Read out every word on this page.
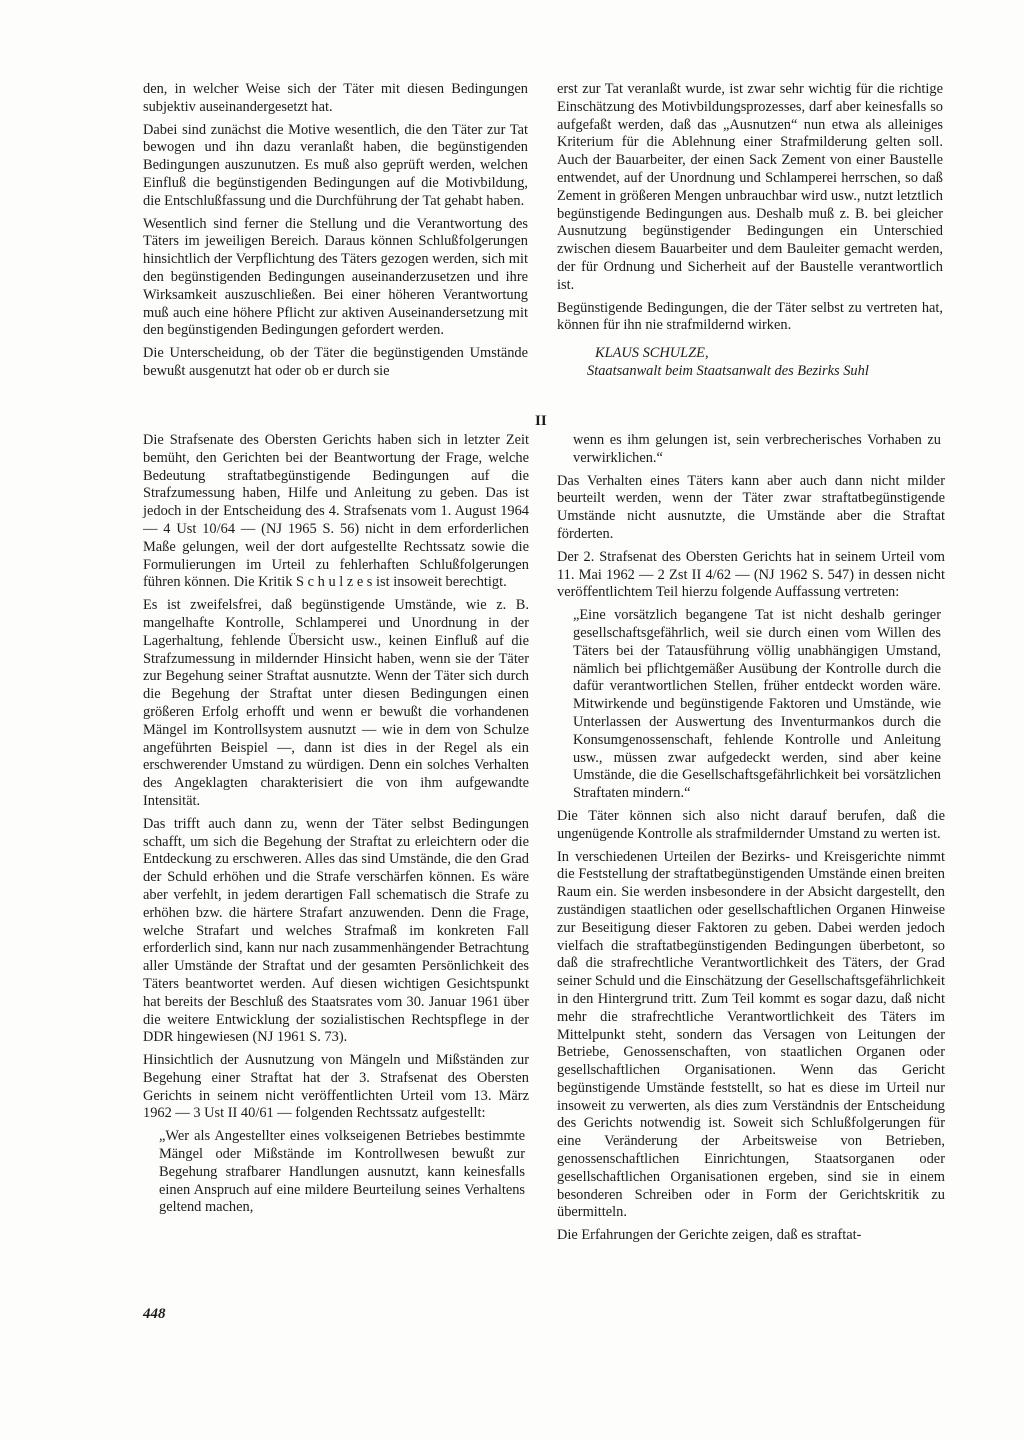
den, in welcher Weise sich der Täter mit diesen Bedingungen subjektiv auseinandergesetzt hat.

Dabei sind zunächst die Motive wesentlich, die den Täter zur Tat bewogen und ihn dazu veranlaßt haben, die begünstigenden Bedingungen auszunutzen. Es muß also geprüft werden, welchen Einfluß die begünstigenden Bedingungen auf die Motivbildung, die Entschlußfassung und die Durchführung der Tat gehabt haben.

Wesentlich sind ferner die Stellung und die Verantwortung des Täters im jeweiligen Bereich. Daraus können Schlußfolgerungen hinsichtlich der Verpflichtung des Täters gezogen werden, sich mit den begünstigenden Bedingungen auseinanderzusetzen und ihre Wirksamkeit auszuschließen. Bei einer höheren Verantwortung muß auch eine höhere Pflicht zur aktiven Auseinandersetzung mit den begünstigenden Bedingungen gefordert werden.

Die Unterscheidung, ob der Täter die begünstigenden Umstände bewußt ausgenutzt hat oder ob er durch sie

erst zur Tat veranlaßt wurde, ist zwar sehr wichtig für die richtige Einschätzung des Motivbildungsprozesses, darf aber keinesfalls so aufgefaßt werden, daß das „Ausnutzen“ nun etwa als alleiniges Kriterium für die Ablehnung einer Strafmilderung gelten soll. Auch der Bauarbeiter, der einen Sack Zement von einer Baustelle entwendet, auf der Unordnung und Schlamperei herrschen, so daß Zement in größeren Mengen unbrauchbar wird usw., nutzt letztlich begünstigende Bedingungen aus. Deshalb muß z. B. bei gleicher Ausnutzung begünstigender Bedingungen ein Unterschied zwischen diesem Bauarbeiter und dem Bauleiter gemacht werden, der für Ordnung und Sicherheit auf der Baustelle verantwortlich ist.

Begünstigende Bedingungen, die der Täter selbst zu vertreten hat, können für ihn nie strafmildernd wirken.

KLAUS SCHULZE,
Staatsanwalt beim Staatsanwalt des Bezirks Suhl
II

Die Strafsenate des Obersten Gerichts haben sich in letzter Zeit bemüht, den Gerichten bei der Beantwortung der Frage, welche Bedeutung straftatbegünstigende Bedingungen auf die Strafzumessung haben, Hilfe und Anleitung zu geben. Das ist jedoch in der Entscheidung des 4. Strafsenats vom 1. August 1964 — 4 Ust 10/64 — (NJ 1965 S. 56) nicht in dem erforderlichen Maße gelungen, weil der dort aufgestellte Rechtssatz sowie die Formulierungen im Urteil zu fehlerhaften Schlußfolgerungen führen können. Die Kritik S c h u l z e s ist insoweit berechtigt.

Es ist zweifelsfrei, daß begünstigende Umstände, wie z. B. mangelhafte Kontrolle, Schlamperei und Unordnung in der Lagerhaltung, fehlende Übersicht usw., keinen Einfluß auf die Strafzumessung in mildernder Hinsicht haben, wenn sie der Täter zur Begehung seiner Straftat ausnutzte. Wenn der Täter sich durch die Begehung der Straftat unter diesen Bedingungen einen größeren Erfolg erhofft und wenn er bewußt die vorhandenen Mängel im Kontrollsystem ausnutzt — wie in dem von Schulze angeführten Beispiel —, dann ist dies in der Regel als ein erschwerender Umstand zu würdigen. Denn ein solches Verhalten des Angeklagten charakterisiert die von ihm aufgewandte Intensität.

Das trifft auch dann zu, wenn der Täter selbst Bedingungen schafft, um sich die Begehung der Straftat zu erleichtern oder die Entdeckung zu erschweren. Alles das sind Umstände, die den Grad der Schuld erhöhen und die Strafe verschärfen können. Es wäre aber verfehlt, in jedem derartigen Fall schematisch die Strafe zu erhöhen bzw. die härtere Strafart anzuwenden. Denn die Frage, welche Strafart und welches Strafmaß im konkreten Fall erforderlich sind, kann nur nach zusammenhängender Betrachtung aller Umstände der Straftat und der gesamten Persönlichkeit des Täters beantwortet werden. Auf diesen wichtigen Gesichtspunkt hat bereits der Beschluß des Staatsrates vom 30. Januar 1961 über die weitere Entwicklung der sozialistischen Rechtspflege in der DDR hingewiesen (NJ 1961 S. 73).

Hinsichtlich der Ausnutzung von Mängeln und Mißständen zur Begehung einer Straftat hat der 3. Strafsenat des Obersten Gerichts in seinem nicht veröffentlichten Urteil vom 13. März 1962 — 3 Ust II 40/61 — folgenden Rechtssatz aufgestellt:

„Wer als Angestellter eines volkseigenen Betriebes bestimmte Mängel oder Mißstände im Kontrollwesen bewußt zur Begehung strafbarer Handlungen ausnutzt, kann keinesfalls einen Anspruch auf eine mildere Beurteilung seines Verhaltens geltend machen,

wenn es ihm gelungen ist, sein verbrecherisches Vorhaben zu verwirklichen.“

Das Verhalten eines Täters kann aber auch dann nicht milder beurteilt werden, wenn der Täter zwar straftatbegünstigende Umstände nicht ausnutzte, die Umstände aber die Straftat förderten.

Der 2. Strafsenat des Obersten Gerichts hat in seinem Urteil vom 11. Mai 1962 — 2 Zst II 4/62 — (NJ 1962 S. 547) in dessen nicht veröffentlichtem Teil hierzu folgende Auffassung vertreten:

„Eine vorsätzlich begangene Tat ist nicht deshalb geringer gesellschaftsgefährlich, weil sie durch einen vom Willen des Täters bei der Tatausführung völlig unabhängigen Umstand, nämlich bei pflichtgemäßer Ausübung der Kontrolle durch die dafür verantwortlichen Stellen, früher entdeckt worden wäre. Mitwirkende und begünstigende Faktoren und Umstände, wie Unterlassen der Auswertung des Inventurmankos durch die Konsumgenossenschaft, fehlende Kontrolle und Anleitung usw., müssen zwar aufgedeckt werden, sind aber keine Umstände, die die Gesellschaftsgefährlichkeit bei vorsätzlichen Straftaten mindern.“

Die Täter können sich also nicht darauf berufen, daß die ungenügende Kontrolle als strafmildernder Umstand zu werten ist.

In verschiedenen Urteilen der Bezirks- und Kreisgerichte nimmt die Feststellung der straftatbegünstigenden Umstände einen breiten Raum ein. Sie werden insbesondere in der Absicht dargestellt, den zuständigen staatlichen oder gesellschaftlichen Organen Hinweise zur Beseitigung dieser Faktoren zu geben. Dabei werden jedoch vielfach die straftatbegünstigenden Bedingungen überbetont, so daß die strafrechtliche Verantwortlichkeit des Täters, der Grad seiner Schuld und die Einschätzung der Gesellschaftsgefährlichkeit in den Hintergrund tritt. Zum Teil kommt es sogar dazu, daß nicht mehr die strafrechtliche Verantwortlichkeit des Täters im Mittelpunkt steht, sondern das Versagen von Leitungen der Betriebe, Genossenschaften, von staatlichen Organen oder gesellschaftlichen Organisationen. Wenn das Gericht begünstigende Umstände feststellt, so hat es diese im Urteil nur insoweit zu verwerten, als dies zum Verständnis der Entscheidung des Gerichts notwendig ist. Soweit sich Schlußfolgerungen für eine Veränderung der Arbeitsweise von Betrieben, genossenschaftlichen Einrichtungen, Staatsorganen oder gesellschaftlichen Organisationen ergeben, sind sie in einem besonderen Schreiben oder in Form der Gerichtskritik zu übermitteln.

Die Erfahrungen der Gerichte zeigen, daß es straftat-

448
